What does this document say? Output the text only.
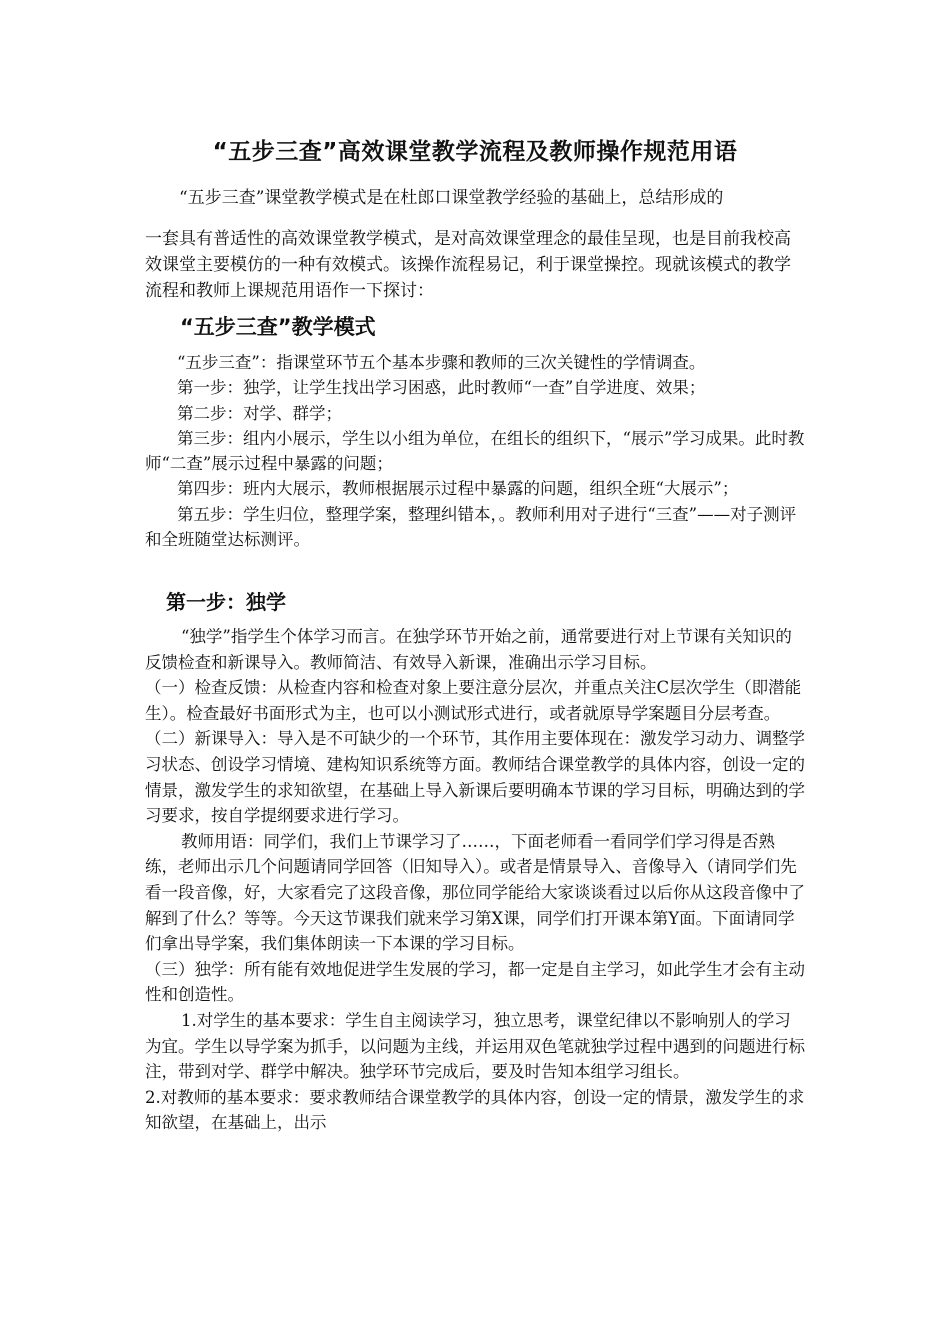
“五步三查”高效课堂教学流程及教师操作规范用语

“五步三查”课堂教学模式是在杜郎口课堂教学经验的基础上，总结形成的

一套具有普适性的高效课堂教学模式，是对高效课堂理念的最佳呈现，也是目前我校高效课堂主要模仿的一种有效模式。该操作流程易记，利于课堂操控。现就该模式的教学流程和教师上课规范用语作一下探讨：

“五步三查”教学模式

“五步三查”：指课堂环节五个基本步骤和教师的三次关键性的学情调查。

第一步：独学，让学生找出学习困惑，此时教师“一查”自学进度、效果；

第二步：对学、群学；

第三步：组内小展示，学生以小组为单位，在组长的组织下，“展示”学习成果。此时教师“二查”展示过程中暴露的问题；

第四步：班内大展示，教师根据展示过程中暴露的问题，组织全班“大展示”；

第五步：学生归位，整理学案，整理纠错本，。教师利用对子进行“三查”——对子测评和全班随堂达标测评。

第一步：独学

“独学”指学生个体学习而言。在独学环节开始之前，通常要进行对上节课有关知识的反馈检查和新课导入。教师简洁、有效导入新课，准确出示学习目标。

（一）检查反馈：从检查内容和检查对象上要注意分层次，并重点关注C层次学生（即潜能生）。检查最好书面形式为主，也可以小测试形式进行，或者就原导学案题目分层考查。

（二）新课导入：导入是不可缺少的一个环节，其作用主要体现在：激发学习动力、调整学习状态、创设学习情境、建构知识系统等方面。教师结合课堂教学的具体内容，创设一定的情景，激发学生的求知欲望，在基础上导入新课后要明确本节课的学习目标，明确达到的学习要求，按自学提纲要求进行学习。

教师用语：同学们，我们上节课学习了……，下面老师看一看同学们学习得是否熟练，老师出示几个问题请同学回答（旧知导入）。或者是情景导入、音像导入（请同学们先看一段音像，好，大家看完了这段音像，那位同学能给大家谈谈看过以后你从这段音像中了解到了什么？等等。今天这节课我们就来学习第X课，同学们打开课本第Y面。下面请同学们拿出导学案，我们集体朗读一下本课的学习目标。

（三）独学：所有能有效地促进学生发展的学习，都一定是自主学习，如此学生才会有主动性和创造性。

1.对学生的基本要求：学生自主阅读学习，独立思考，课堂纪律以不影响别人的学习为宜。学生以导学案为抓手，以问题为主线，并运用双色笔就独学过程中遇到的问题进行标注，带到对学、群学中解决。独学环节完成后，要及时告知本组学习组长。

2.对教师的基本要求：要求教师结合课堂教学的具体内容，创设一定的情景，激发学生的求知欲望，在基础上，出示
